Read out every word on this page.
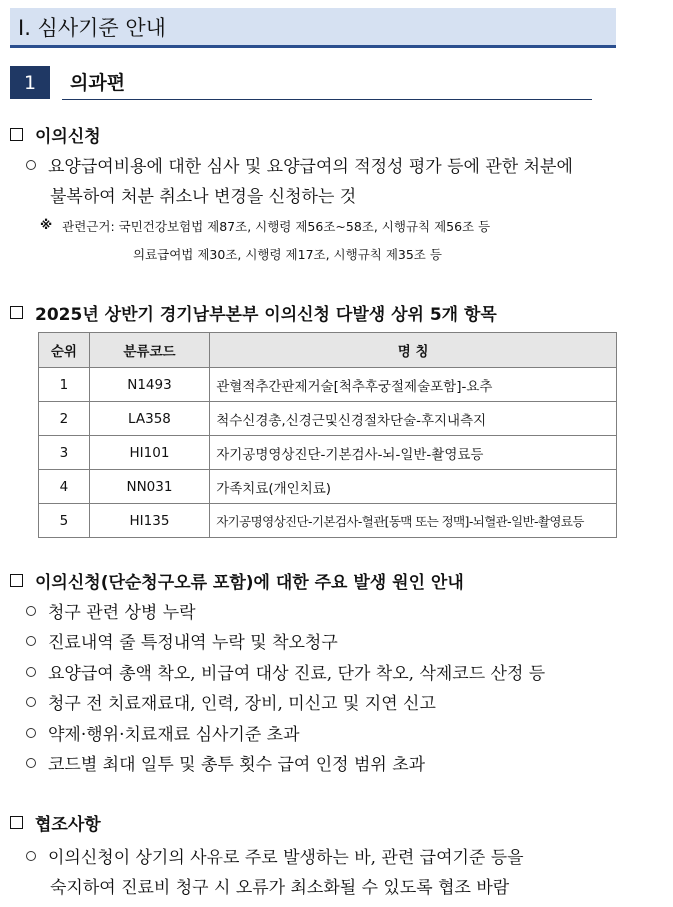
Ⅰ. 심사기준 안내
1	의과편
이의신청
요양급여비용에 대한 심사 및 요양급여의 적정성 평가 등에 관한 처분에
불복하여 처분 취소나 변경을 신청하는 것
※ 관련근거: 국민건강보험법 제87조, 시행령 제56조~58조, 시행규칙 제56조 등
의료급여법 제30조, 시행령 제17조, 시행규칙 제35조 등
2025년 상반기 경기남부본부 이의신청 다발생 상위 5개 항목
순위	분류코드	명 칭
1	N1493	관혈적추간판제거술[척추후궁절제술포함]-요추
2	LA358	척수신경총,신경근및신경절차단술-후지내측지
3	HI101	자기공명영상진단-기본검사-뇌-일반-촬영료등
4	NN031	가족치료(개인치료)
5	HI135	자기공명영상진단-기본검사-혈관[동맥 또는 정맥]-뇌혈관-일반-촬영료등
이의신청(단순청구오류 포함)에 대한 주요 발생 원인 안내
청구 관련 상병 누락
진료내역 줄 특정내역 누락 및 착오청구
요양급여 총액 착오, 비급여 대상 진료, 단가 착오, 삭제코드 산정 등
청구 전 치료재료대, 인력, 장비, 미신고 및 지연 신고
약제·행위·치료재료 심사기준 초과
코드별 최대 일투 및 총투 횟수 급여 인정 범위 초과
협조사항
이의신청이 상기의 사유로 주로 발생하는 바, 관련 급여기준 등을
숙지하여 진료비 청구 시 오류가 최소화될 수 있도록 협조 바람
